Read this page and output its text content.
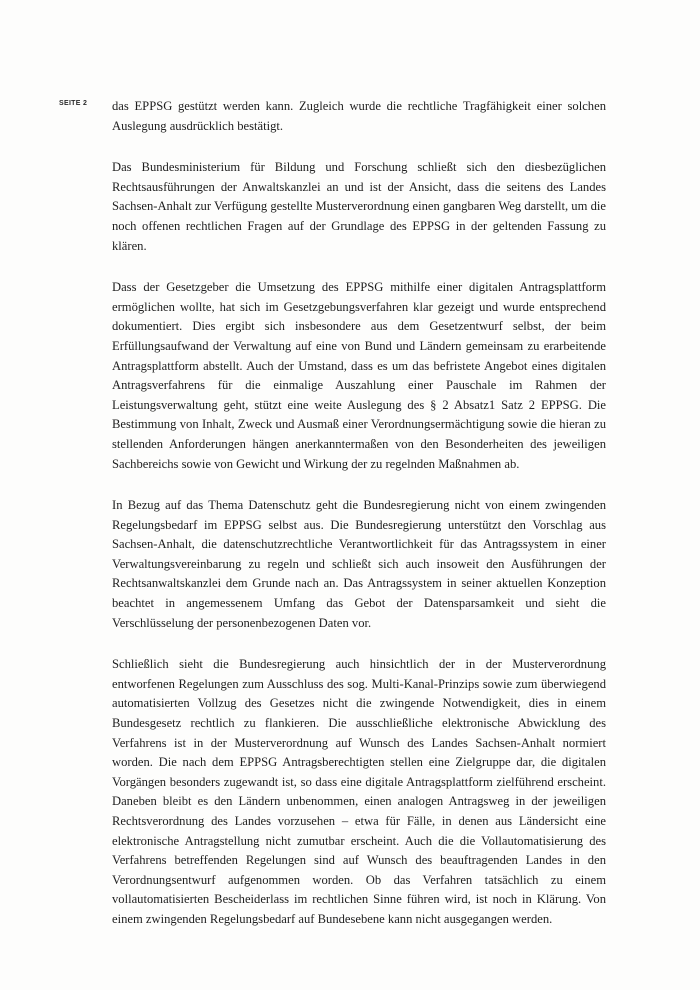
SEITE 2 das EPPSG gestützt werden kann. Zugleich wurde die rechtliche Tragfähigkeit einer solchen Auslegung ausdrücklich bestätigt.

Das Bundesministerium für Bildung und Forschung schließt sich den diesbezüglichen Rechtsausführungen der Anwaltskanzlei an und ist der Ansicht, dass die seitens des Landes Sachsen-Anhalt zur Verfügung gestellte Musterverordnung einen gangbaren Weg darstellt, um die noch offenen rechtlichen Fragen auf der Grundlage des EPPSG in der geltenden Fassung zu klären.

Dass der Gesetzgeber die Umsetzung des EPPSG mithilfe einer digitalen Antragsplattform ermöglichen wollte, hat sich im Gesetzgebungsverfahren klar gezeigt und wurde entsprechend dokumentiert. Dies ergibt sich insbesondere aus dem Gesetzentwurf selbst, der beim Erfüllungsaufwand der Verwaltung auf eine von Bund und Ländern gemeinsam zu erarbeitende Antragsplattform abstellt. Auch der Umstand, dass es um das befristete Angebot eines digitalen Antragsverfahrens für die einmalige Auszahlung einer Pauschale im Rahmen der Leistungsverwaltung geht, stützt eine weite Auslegung des § 2 Absatz1 Satz 2 EPPSG. Die Bestimmung von Inhalt, Zweck und Ausmaß einer Verordnungsermächtigung sowie die hieran zu stellenden Anforderungen hängen anerkanntermaßen von den Besonderheiten des jeweiligen Sachbereichs sowie von Gewicht und Wirkung der zu regelnden Maßnahmen ab.

In Bezug auf das Thema Datenschutz geht die Bundesregierung nicht von einem zwingenden Regelungsbedarf im EPPSG selbst aus. Die Bundesregierung unterstützt den Vorschlag aus Sachsen-Anhalt, die datenschutzrechtliche Verantwortlichkeit für das Antragssystem in einer Verwaltungsvereinbarung zu regeln und schließt sich auch insoweit den Ausführungen der Rechtsanwaltskanzlei dem Grunde nach an. Das Antragssystem in seiner aktuellen Konzeption beachtet in angemessenem Umfang das Gebot der Datensparsamkeit und sieht die Verschlüsselung der personenbezogenen Daten vor.

Schließlich sieht die Bundesregierung auch hinsichtlich der in der Musterverordnung entworfenen Regelungen zum Ausschluss des sog. Multi-Kanal-Prinzips sowie zum überwiegend automatisierten Vollzug des Gesetzes nicht die zwingende Notwendigkeit, dies in einem Bundesgesetz rechtlich zu flankieren. Die ausschließliche elektronische Abwicklung des Verfahrens ist in der Musterverordnung auf Wunsch des Landes Sachsen-Anhalt normiert worden. Die nach dem EPPSG Antragsberechtigten stellen eine Zielgruppe dar, die digitalen Vorgängen besonders zugewandt ist, so dass eine digitale Antragsplattform zielführend erscheint. Daneben bleibt es den Ländern unbenommen, einen analogen Antragsweg in der jeweiligen Rechtsverordnung des Landes vorzusehen – etwa für Fälle, in denen aus Ländersicht eine elektronische Antragstellung nicht zumutbar erscheint. Auch die die Vollautomatisierung des Verfahrens betreffenden Regelungen sind auf Wunsch des beauftragenden Landes in den Verordnungsentwurf aufgenommen worden. Ob das Verfahren tatsächlich zu einem vollautomatisierten Bescheiderlass im rechtlichen Sinne führen wird, ist noch in Klärung. Von einem zwingenden Regelungsbedarf auf Bundesebene kann nicht ausgegangen werden.
